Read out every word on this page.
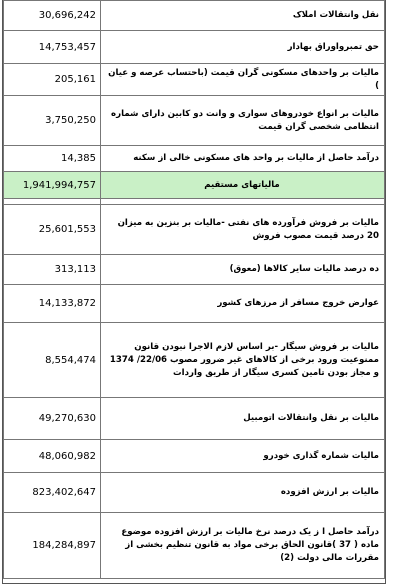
30,696,242	نقل وانتقالات املاک
14,753,457	حق تمبرواوراق بهادار
205,161	مالیات بر واحدهای مسکونی گران قیمت (باحتساب عرصه و عیان )
3,750,250	مالیات بر انواع خودروهای سواری و وانت دو کابین دارای شماره انتظامی شخصی گران قیمت
14,385	درآمد حاصل از مالیات بر واحد های مسکونی خالی از سکنه
1,941,994,757	مالیاتهای مستقیم

25,601,553	مالیات بر فروش فرآورده های نفتی -مالیات بر بنزین به میزان 20 درصد قیمت مصوب فروش
313,113	ده درصد مالیات سایر کالاها (معوق)
14,133,872	عوارض خروج مسافر از مرزهای کشور
8,554,474	مالیات بر فروش سیگار -بر اساس لازم الاجرا نبودن قانون ممنوعیت ورود برخی از کالاهای غیر ضرور مصوب 22/06/ 1374 و مجاز بودن تامین کسری سیگار از طریق واردات
49,270,630	مالیات بر نقل وانتقالات اتومبیل
48,060,982	مالیات شماره گذاری خودرو
823,402,647	مالیات بر ارزش افزوده
184,284,897	درآمد حاصل ا ز یک درصد نرخ مالیات بر ارزش افزوده موضوع ماده ( 37 )قانون الحاق برخی مواد به قانون تنظیم بخشی از مقررات مالی دولت (2)
